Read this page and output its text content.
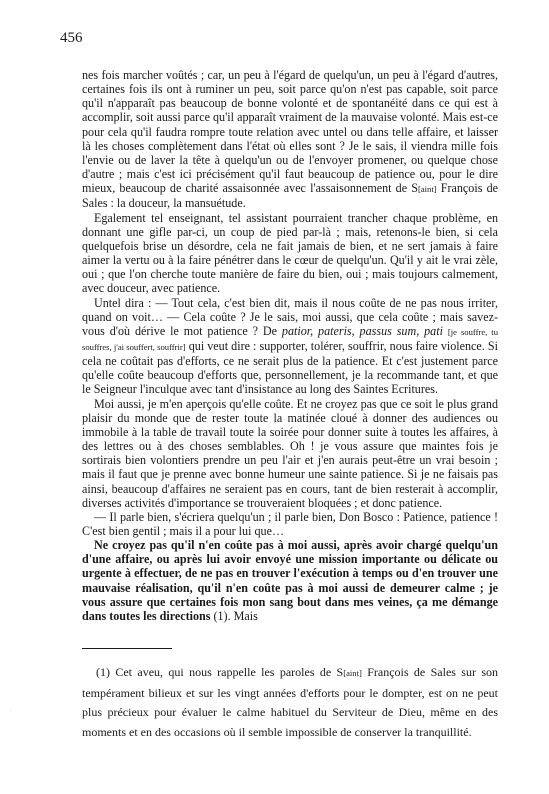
456

nes fois marcher voûtés ; car, un peu à l'égard de quelqu'un, un peu à l'égard d'autres, certaines fois ils ont à ruminer un peu, soit parce qu'on n'est pas capable, soit parce qu'il n'apparaît pas beaucoup de bonne volonté et de spontanéité dans ce qui est à accomplir, soit aussi parce qu'il apparaît vraiment de la mauvaise volonté. Mais est-ce pour cela qu'il faudra rompre toute relation avec untel ou dans telle affaire, et laisser là les choses complètement dans l'état où elles sont ? Je le sais, il viendra mille fois l'envie ou de laver la tête à quelqu'un ou de l'envoyer promener, ou quelque chose d'autre ; mais c'est ici précisément qu'il faut beaucoup de patience ou, pour le dire mieux, beaucoup de charité assaisonnée avec l'assaisonnement de S[aint] François de Sales : la douceur, la mansuétude.

Egalement tel enseignant, tel assistant pourraient trancher chaque problème, en donnant une gifle par-ci, un coup de pied par-là ; mais, retenons-le bien, si cela quelquefois brise un désordre, cela ne fait jamais de bien, et ne sert jamais à faire aimer la vertu ou à la faire pénétrer dans le cœur de quelqu'un. Qu'il y ait le vrai zèle, oui ; que l'on cherche toute manière de faire du bien, oui ; mais toujours calmement, avec douceur, avec patience.

Untel dira : — Tout cela, c'est bien dit, mais il nous coûte de ne pas nous irriter, quand on voit… — Cela coûte ? Je le sais, moi aussi, que cela coûte ; mais savez-vous d'où dérive le mot patience ? De patior, pateris, passus sum, pati [je souffre, tu souffres, j'ai souffert, souffrir] qui veut dire : supporter, tolérer, souffrir, nous faire violence. Si cela ne coûtait pas d'efforts, ce ne serait plus de la patience. Et c'est justement parce qu'elle coûte beaucoup d'efforts que, personnellement, je la recommande tant, et que le Seigneur l'inculque avec tant d'insistance au long des Saintes Ecritures.

Moi aussi, je m'en aperçois qu'elle coûte. Et ne croyez pas que ce soit le plus grand plaisir du monde que de rester toute la matinée cloué à donner des audiences ou immobile à la table de travail toute la soirée pour donner suite à toutes les affaires, à des lettres ou à des choses semblables. Oh ! je vous assure que maintes fois je sortirais bien volontiers prendre un peu l'air et j'en aurais peut-être un vrai besoin ; mais il faut que je prenne avec bonne humeur une sainte patience. Si je ne faisais pas ainsi, beaucoup d'affaires ne seraient pas en cours, tant de bien resterait à accomplir, diverses activités d'importance se trouveraient bloquées ; et donc patience.

— Il parle bien, s'écriera quelqu'un ; il parle bien, Don Bosco : Patience, patience ! C'est bien gentil ; mais il a pour lui que…

Ne croyez pas qu'il n'en coûte pas à moi aussi, après avoir chargé quelqu'un d'une affaire, ou après lui avoir envoyé une mission importante ou délicate ou urgente à effectuer, de ne pas en trouver l'exécution à temps ou d'en trouver une mauvaise réalisation, qu'il n'en coûte pas à moi aussi de demeurer calme ; je vous assure que certaines fois mon sang bout dans mes veines, ça me démange dans toutes les directions (1). Mais

(1) Cet aveu, qui nous rappelle les paroles de S[aint] François de Sales sur son tempérament bilieux et sur les vingt années d'efforts pour le dompter, est on ne peut plus précieux pour évaluer le calme habituel du Serviteur de Dieu, même en des moments et en des occasions où il semble impossible de conserver la tranquillité.

·
